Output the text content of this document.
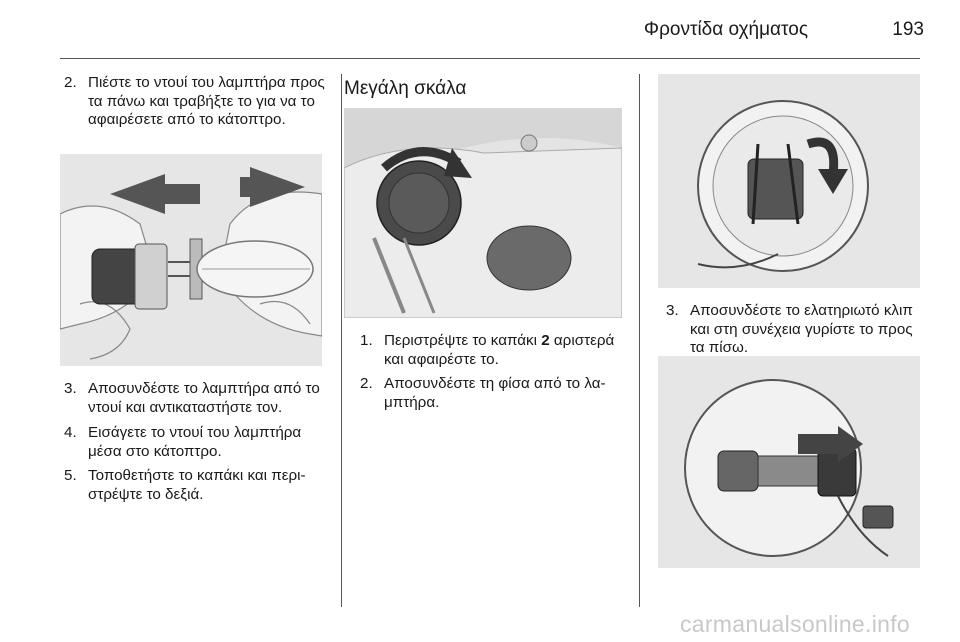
Φροντίδα οχήματος	193
2. Πιέστε το ντουί του λαμπτήρα προς τα πάνω και τραβήξτε το για να το αφαιρέσετε από το κάτοπτρο.
3. Αποσυνδέστε το λαμπτήρα από το ντουί και αντικαταστήστε τον.
4. Εισάγετε το ντουί του λαμπτήρα μέσα στο κάτοπτρο.
5. Τοποθετήστε το καπάκι και περιστρέψτε το δεξιά.
Μεγάλη σκάλα
1. Περιστρέψτε το καπάκι 2 αριστερά και αφαιρέστε το.
2. Αποσυνδέστε τη φίσα από το λαμπτήρα.
3. Αποσυνδέστε το ελατηριωτό κλιπ και στη συνέχεια γυρίστε το προς τα πίσω.
carmanualsonline.info
